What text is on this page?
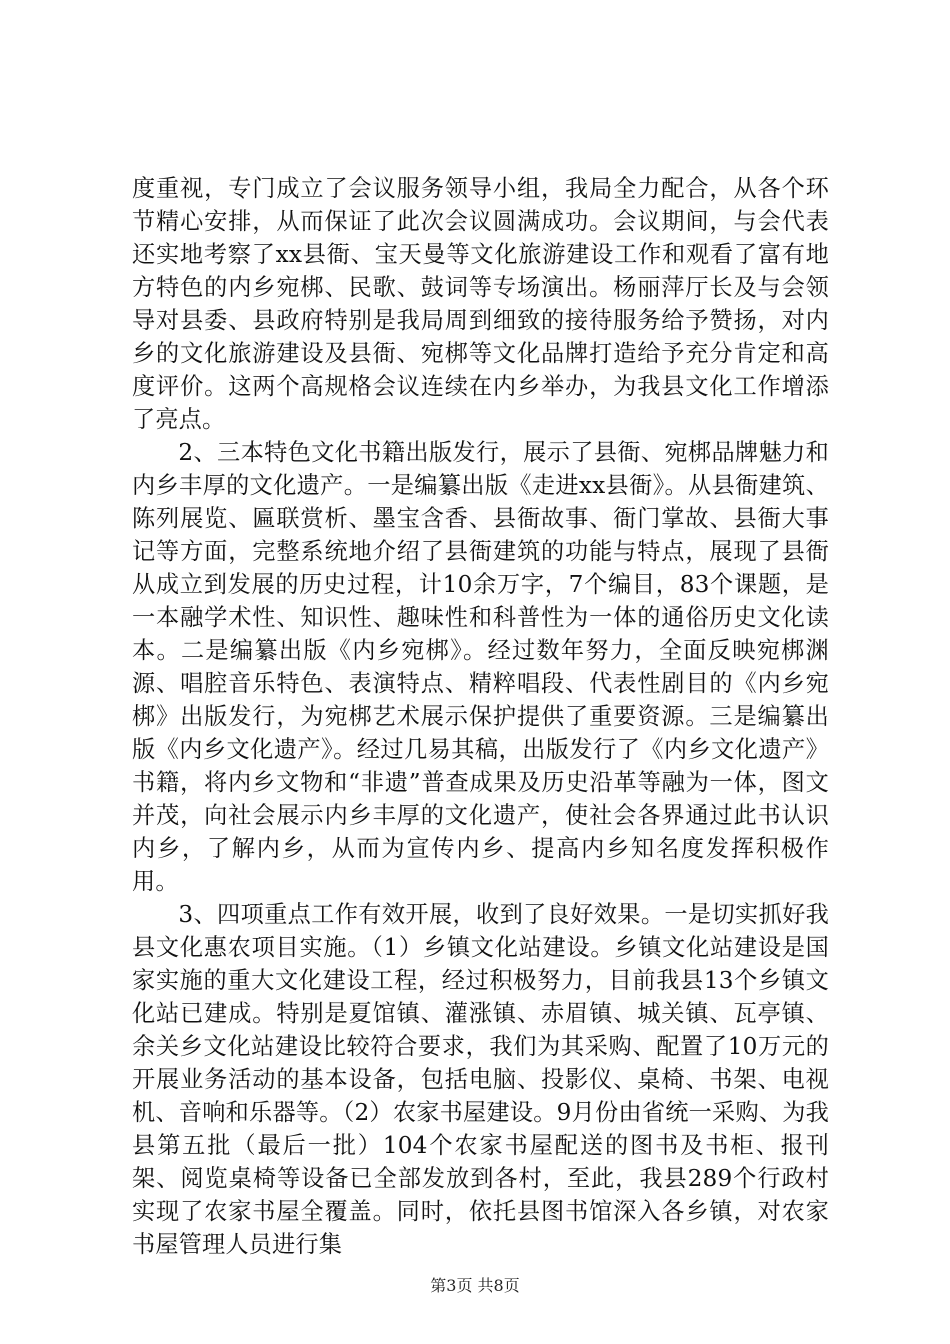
度重视，专门成立了会议服务领导小组，我局全力配合，从各个环节精心安排，从而保证了此次会议圆满成功。会议期间，与会代表还实地考察了xx县衙、宝天曼等文化旅游建设工作和观看了富有地方特色的内乡宛梆、民歌、鼓词等专场演出。杨丽萍厅长及与会领导对县委、县政府特别是我局周到细致的接待服务给予赞扬，对内乡的文化旅游建设及县衙、宛梆等文化品牌打造给予充分肯定和高度评价。这两个高规格会议连续在内乡举办，为我县文化工作增添了亮点。

2、三本特色文化书籍出版发行，展示了县衙、宛梆品牌魅力和内乡丰厚的文化遗产。一是编纂出版《走进xx县衙》。从县衙建筑、陈列展览、匾联赏析、墨宝含香、县衙故事、衙门掌故、县衙大事记等方面，完整系统地介绍了县衙建筑的功能与特点，展现了县衙从成立到发展的历史过程，计10余万字，7个编目，83个课题，是一本融学术性、知识性、趣味性和科普性为一体的通俗历史文化读本。二是编纂出版《内乡宛梆》。经过数年努力，全面反映宛梆渊源、唱腔音乐特色、表演特点、精粹唱段、代表性剧目的《内乡宛梆》出版发行，为宛梆艺术展示保护提供了重要资源。三是编纂出版《内乡文化遗产》。经过几易其稿，出版发行了《内乡文化遗产》书籍，将内乡文物和“非遗”普查成果及历史沿革等融为一体，图文并茂，向社会展示内乡丰厚的文化遗产，使社会各界通过此书认识内乡，了解内乡，从而为宣传内乡、提高内乡知名度发挥积极作用。

3、四项重点工作有效开展，收到了良好效果。一是切实抓好我县文化惠农项目实施。（1）乡镇文化站建设。乡镇文化站建设是国家实施的重大文化建设工程，经过积极努力，目前我县13个乡镇文化站已建成。特别是夏馆镇、灌涨镇、赤眉镇、城关镇、瓦亭镇、余关乡文化站建设比较符合要求，我们为其采购、配置了10万元的开展业务活动的基本设备，包括电脑、投影仪、桌椅、书架、电视机、音响和乐器等。（2）农家书屋建设。9月份由省统一采购、为我县第五批（最后一批）104个农家书屋配送的图书及书柜、报刊架、阅览桌椅等设备已全部发放到各村，至此，我县289个行政村实现了农家书屋全覆盖。同时，依托县图书馆深入各乡镇，对农家书屋管理人员进行集

第3页 共8页
